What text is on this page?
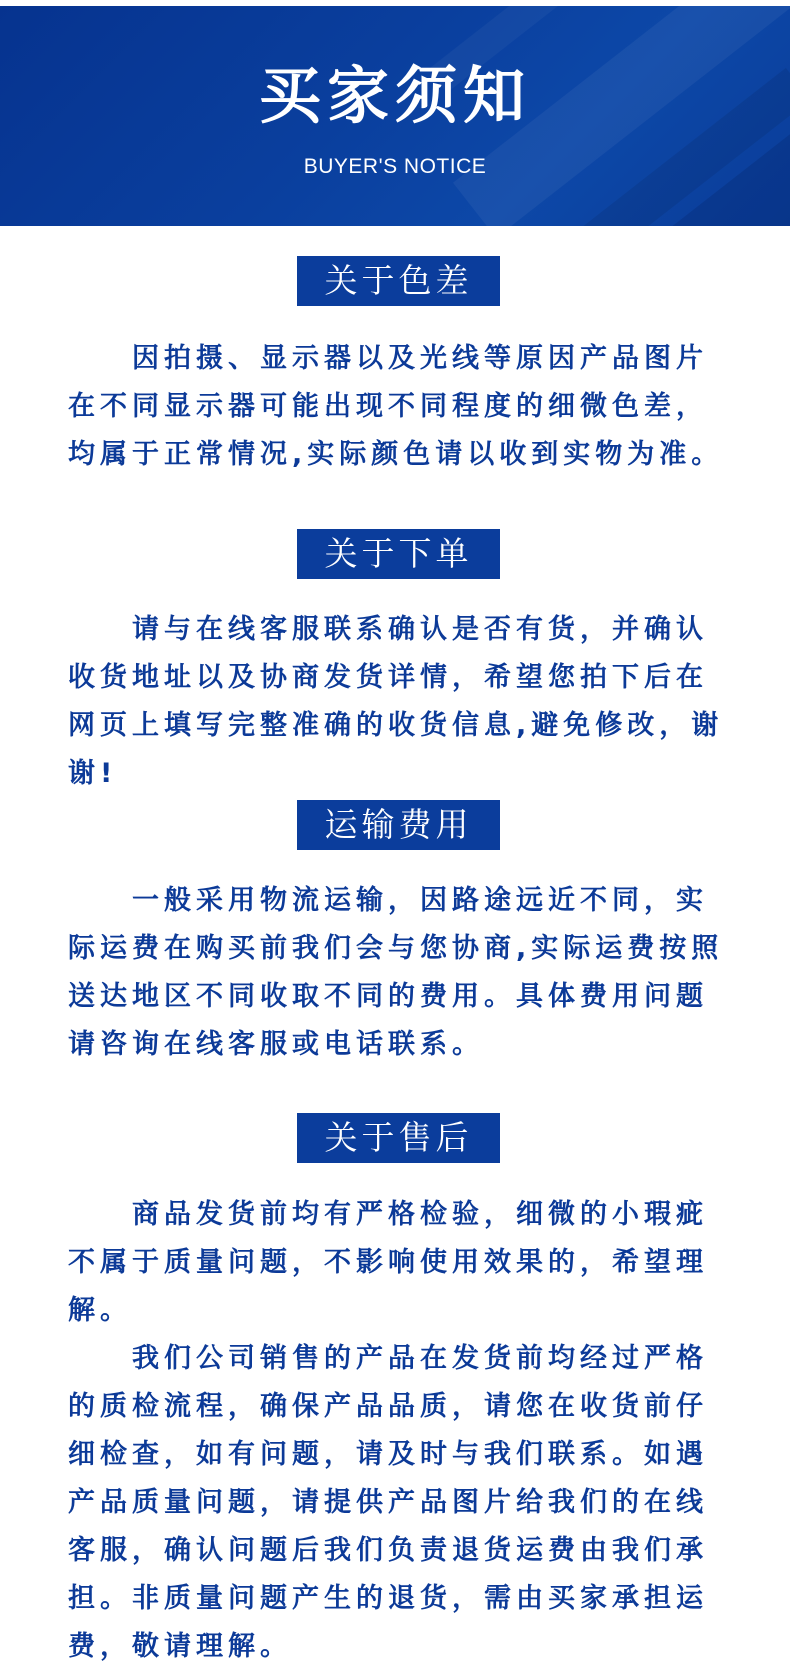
买家须知
BUYER'S NOTICE
关于色差

因拍摄、显示器以及光线等原因产品图片在不同显示器可能出现不同程度的细微色差，均属于正常情况,实际颜色请以收到实物为准。

关于下单

请与在线客服联系确认是否有货，并确认收货地址以及协商发货详情，希望您拍下后在网页上填写完整准确的收货信息,避免修改，谢谢!

运输费用

一般采用物流运输，因路途远近不同，实际运费在购买前我们会与您协商,实际运费按照送达地区不同收取不同的费用。具体费用问题请咨询在线客服或电话联系。

关于售后

商品发货前均有严格检验，细微的小瑕疵不属于质量问题，不影响使用效果的，希望理解。

我们公司销售的产品在发货前均经过严格的质检流程，确保产品品质，请您在收货前仔细检查，如有问题，请及时与我们联系。如遇产品质量问题，请提供产品图片给我们的在线客服，确认问题后我们负责退货运费由我们承担。非质量问题产生的退货，需由买家承担运费，敬请理解。
